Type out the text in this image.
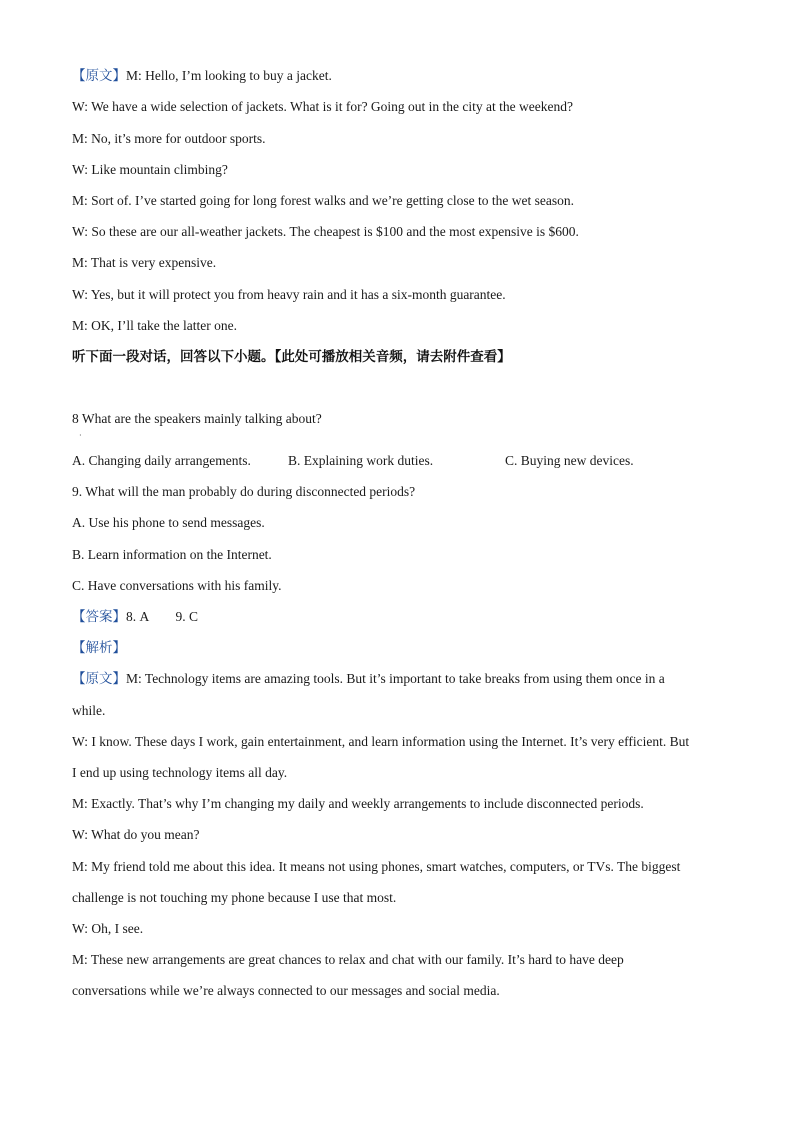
【原文】M: Hello, I’m looking to buy a jacket.
W: We have a wide selection of jackets. What is it for? Going out in the city at the weekend?
M: No, it’s more for outdoor sports.
W: Like mountain climbing?
M: Sort of. I’ve started going for long forest walks and we’re getting close to the wet season.
W: So these are our all-weather jackets. The cheapest is $100 and the most expensive is $600.
M: That is very expensive.
W: Yes, but it will protect you from heavy rain and it has a six-month guarantee.
M: OK, I’ll take the latter one.
听下面一段对话，回答以下小题。【此处可播放相关音频，请去附件查看】
8 What are the speakers mainly talking about?
·
A. Changing daily arrangements.	B. Explaining work duties.	C. Buying new devices.
9. What will the man probably do during disconnected periods?
A. Use his phone to send messages.
B. Learn information on the Internet.
C. Have conversations with his family.
【答案】8. A        9. C
【解析】
【原文】M: Technology items are amazing tools. But it’s important to take breaks from using them once in a
while.
W: I know. These days I work, gain entertainment, and learn information using the Internet. It’s very efficient. But
I end up using technology items all day.
M: Exactly. That’s why I’m changing my daily and weekly arrangements to include disconnected periods.
W: What do you mean?
M: My friend told me about this idea. It means not using phones, smart watches, computers, or TVs. The biggest
challenge is not touching my phone because I use that most.
W: Oh, I see.
M: These new arrangements are great chances to relax and chat with our family. It’s hard to have deep
conversations while we’re always connected to our messages and social media.
